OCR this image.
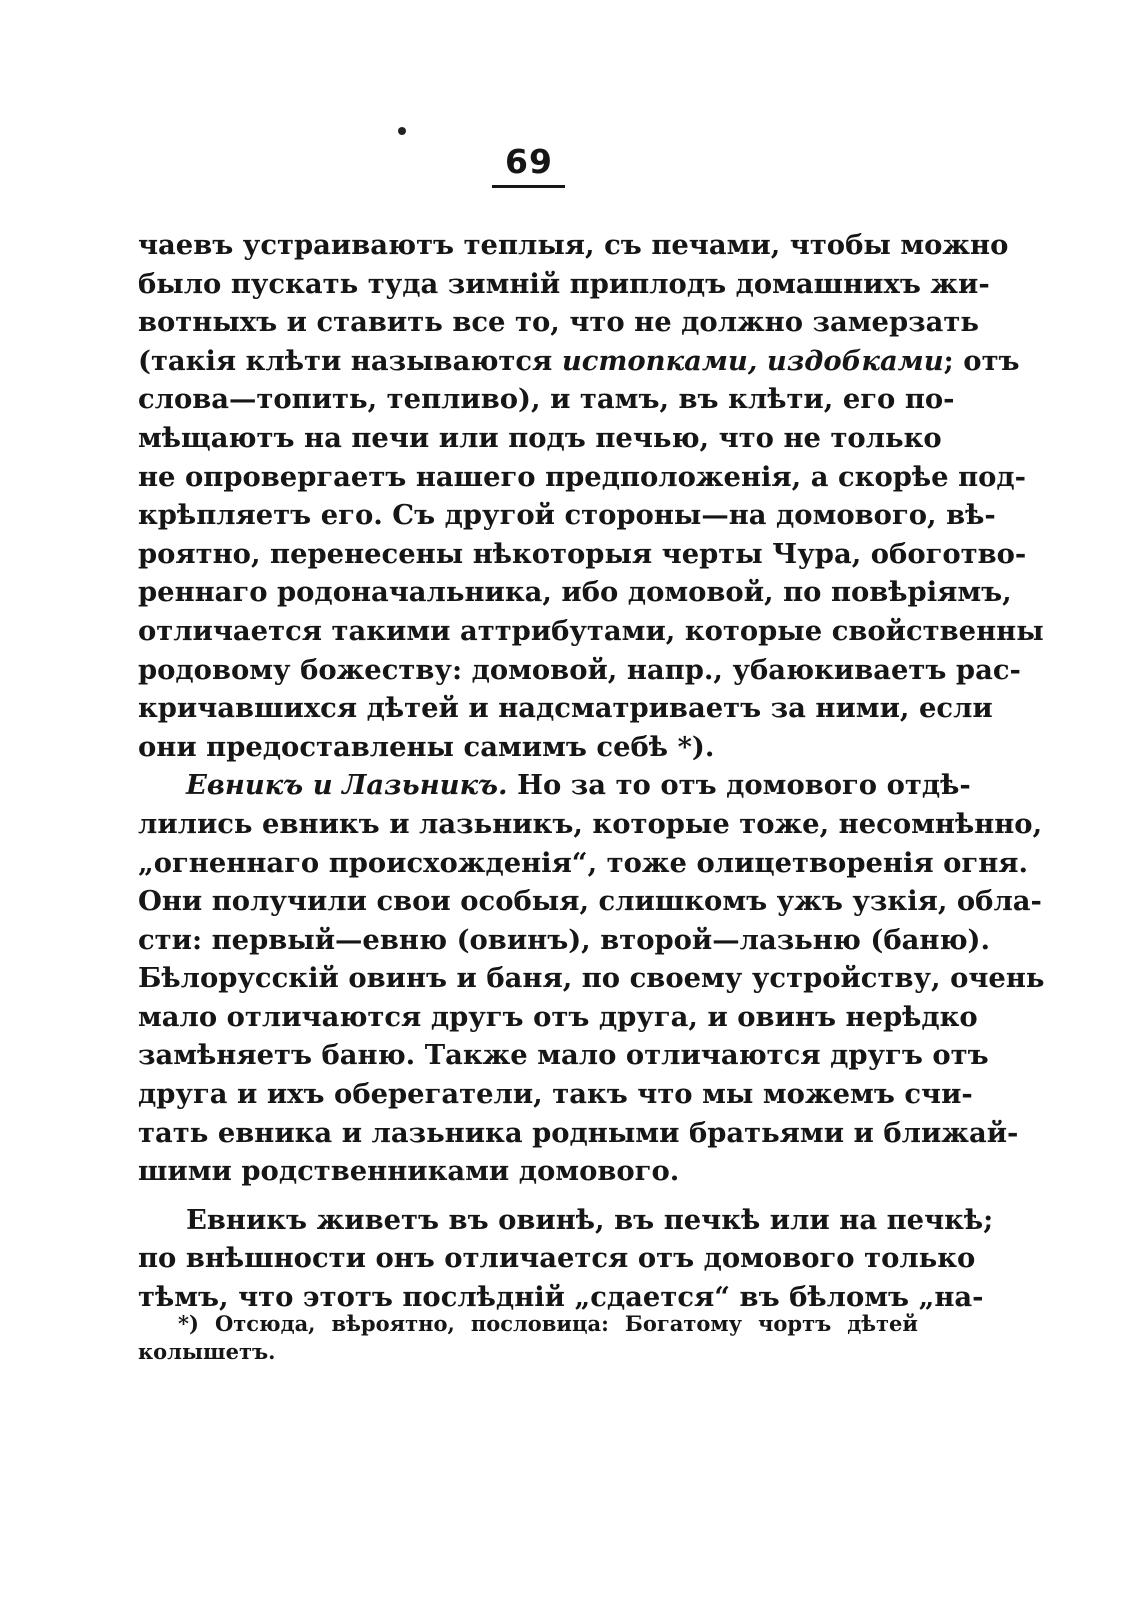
69
чаевъ устраиваютъ теплыя, съ печами, чтобы можно
было пускать туда зимній приплодъ домашнихъ жи-
вотныхъ и ставить все то, что не должно замерзать
(такія клѣти называются истопками, издобками; отъ
слова—топить, тепливо), и тамъ, въ клѣти, его по-
мѣщаютъ на печи или подъ печью, что не только
не опровергаетъ нашего предположенія, а скорѣе под-
крѣпляетъ его. Съ другой стороны—на домового, вѣ-
роятно, перенесены нѣкоторыя черты Чура, обоготво-
реннаго родоначальника, ибо домовой, по повѣріямъ,
отличается такими аттрибутами, которые свойственны
родовому божеству: домовой, напр., убаюкиваетъ рас-
кричавшихся дѣтей и надсматриваетъ за ними, если
они предоставлены самимъ себѣ *).
Евникъ и Лазьникъ. Но за то отъ домового отдѣ-
лились евникъ и лазьникъ, которые тоже, несомнѣнно,
„огненнаго происхожденія“, тоже олицетворенія огня.
Они получили свои особыя, слишкомъ ужъ узкія, обла-
сти: первый—евню (овинъ), второй—лазьню (баню).
Бѣлорусскій овинъ и баня, по своему устройству, очень
мало отличаются другъ отъ друга, и овинъ нерѣдко
замѣняетъ баню. Также мало отличаются другъ отъ
друга и ихъ оберегатели, такъ что мы можемъ счи-
тать евника и лазьника родными братьями и ближай-
шими родственниками домового.
Евникъ живетъ въ овинѣ, въ печкѣ или на печкѣ;
по внѣшности онъ отличается отъ домового только
тѣмъ, что этотъ послѣдній „сдается“ въ бѣломъ „на-
*) Отсюда, вѣроятно, пословица: Богатому чортъ дѣтей
колышетъ.
